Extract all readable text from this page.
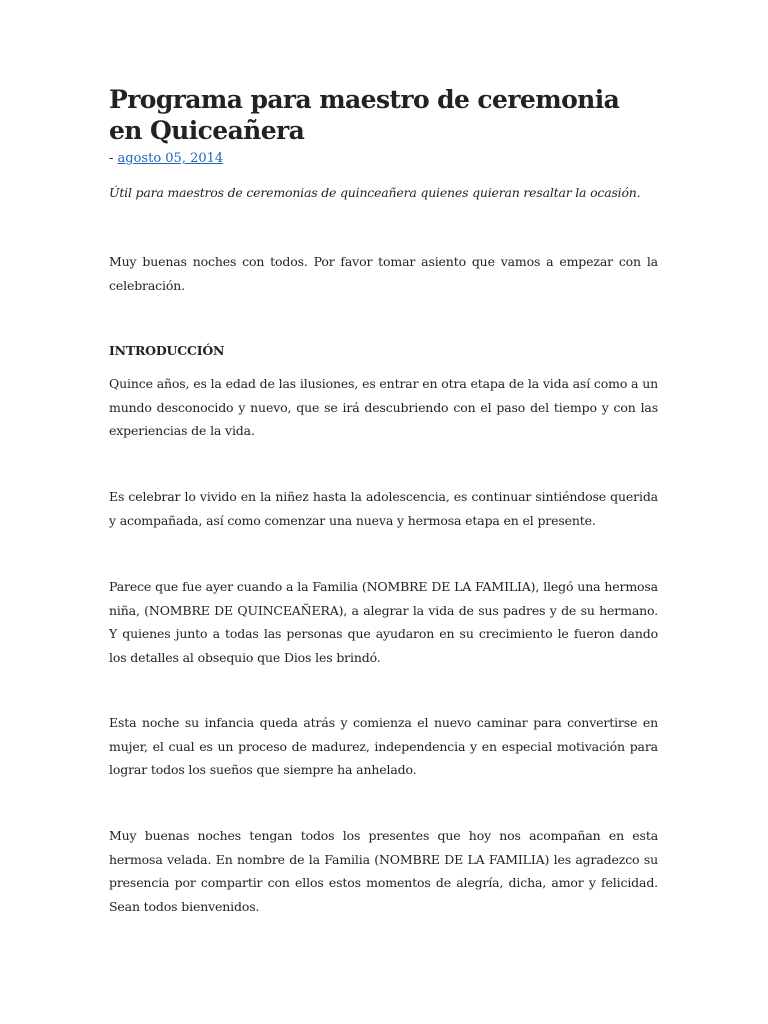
Programa para maestro de ceremonia en Quiceañera
- agosto 05, 2014
Útil para maestros de ceremonias de quinceañera quienes quieran resaltar la ocasión.

Muy buenas noches con todos. Por favor tomar asiento que vamos a empezar con la celebración.

INTRODUCCIÓN

Quince años, es la edad de las ilusiones, es entrar en otra etapa de la vida así como a un mundo desconocido y nuevo, que se irá descubriendo con el paso del tiempo y con las experiencias de la vida.

Es celebrar lo vivido en la niñez hasta la adolescencia, es continuar sintiéndose querida y acompañada, así como comenzar una nueva y hermosa etapa en el presente.

Parece que fue ayer cuando a la Familia (NOMBRE DE LA FAMILIA), llegó una hermosa niña, (NOMBRE DE QUINCEAÑERA), a alegrar la vida de sus padres y de su hermano. Y quienes junto a todas las personas que ayudaron en su crecimiento le fueron dando los detalles al obsequio que Dios les brindó.

Esta noche su infancia queda atrás y comienza el nuevo caminar para convertirse en mujer, el cual es un proceso de madurez, independencia y en especial motivación para lograr todos los sueños que siempre ha anhelado.

Muy buenas noches tengan todos los presentes que hoy nos acompañan en esta hermosa velada. En nombre de la Familia (NOMBRE DE LA FAMILIA) les agradezco su presencia por compartir con ellos estos momentos de alegría, dicha, amor y felicidad. Sean todos bienvenidos.
